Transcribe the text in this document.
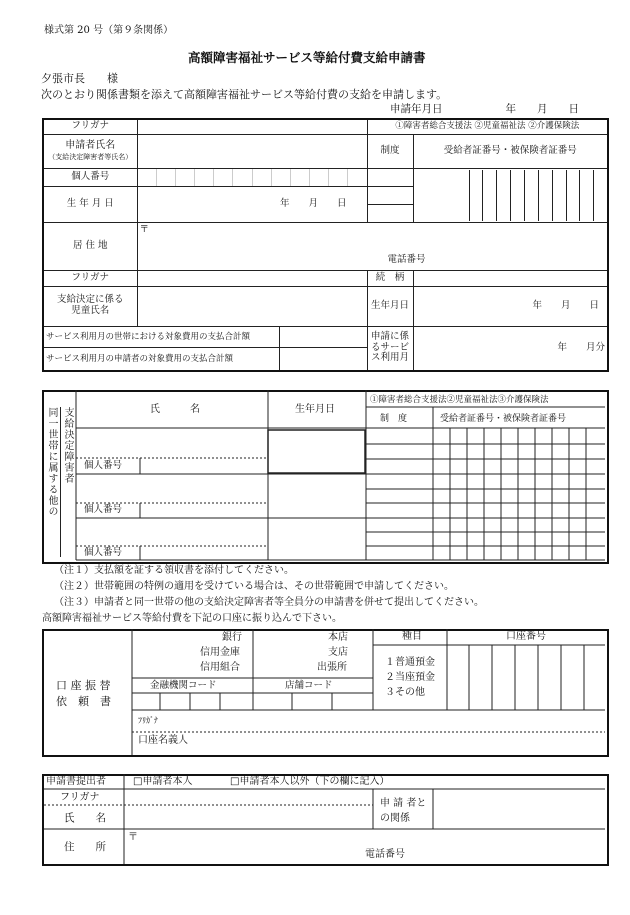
様式第 20 号（第９条関係）
高額障害福祉サービス等給付費支給申請書
夕張市長　　様
次のとおり関係書類を添えて高額障害福祉サービス等給付費の支給を申請します。
申請年月日　　　　　　年　　月　　日
フリガナ		①障害者総合支援法 ②児童福祉法 ②介護保険法	
申請者氏名
（支給決定障害者等氏名）		制度	受給者証番号・被保険者証番号
個人番号	

生 年 月 日	年　　月　　日		

居 住 地	〒
電話番号		

フリガナ		続　柄	
支給決定に係る児童氏名		生年月日	年　　月　　日

サービス利用月の世帯における対象費用の支払合計額		申請に係るサービス利用月	年　　月分

サービス利用月の申請者の対象費用の支払合計額			
同一世帯に属する他の 支給決定障害者	氏　　　名	生年月日
①障害者総合支援法②児童福祉法③介護保険法
制　度	受給者証番号・被保険者証番号
個人番号
個人番号
個人番号
（注１）支払額を証する領収書を添付してください。
（注２）世帯範囲の特例の適用を受けている場合は、その世帯範囲で申請してください。
（注３）申請者と同一世帯の他の支給決定障害者等全員分の申請書を併せて提出してください。
高額障害福祉サービス等給付費を下記の口座に振り込んで下さい。
口 座 振 替
依　頼　書
銀行
信用金庫
信用組合
本店
支店
出張所
金融機関コード	店舗コード
種目	口座番号
１普通預金
２当座預金
３その他
ﾌﾘｶﾞﾅ
口座名義人
申請書提出者	□申請者本人	□申請者本人以外（下の欄に記入）
フリガナ
氏　　名
申 請 者との関係
住　　所
〒
電話番号
